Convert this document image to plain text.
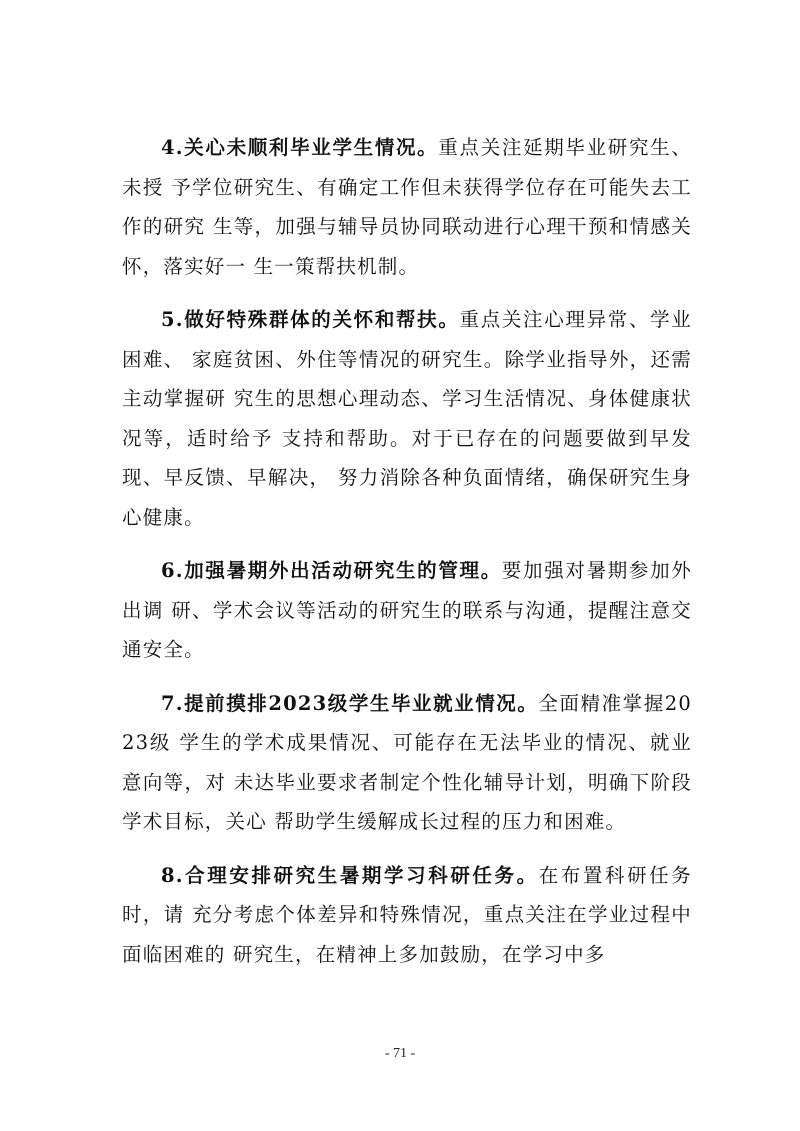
4.关心未顺利毕业学生情况。重点关注延期毕业研究生、未授 予学位研究生、有确定工作但未获得学位存在可能失去工作的研究 生等，加强与辅导员协同联动进行心理干预和情感关怀，落实好一 生一策帮扶机制。

5.做好特殊群体的关怀和帮扶。重点关注心理异常、学业困难、 家庭贫困、外住等情况的研究生。除学业指导外，还需主动掌握研 究生的思想心理动态、学习生活情况、身体健康状况等，适时给予 支持和帮助。对于已存在的问题要做到早发现、早反馈、早解决， 努力消除各种负面情绪，确保研究生身心健康。

6.加强暑期外出活动研究生的管理。要加强对暑期参加外出调 研、学术会议等活动的研究生的联系与沟通，提醒注意交通安全。

7.提前摸排2023级学生毕业就业情况。全面精准掌握2023级 学生的学术成果情况、可能存在无法毕业的情况、就业意向等，对 未达毕业要求者制定个性化辅导计划，明确下阶段学术目标，关心 帮助学生缓解成长过程的压力和困难。

8.合理安排研究生暑期学习科研任务。在布置科研任务时，请 充分考虑个体差异和特殊情况，重点关注在学业过程中面临困难的 研究生，在精神上多加鼓励，在学习中多

- 71 -
